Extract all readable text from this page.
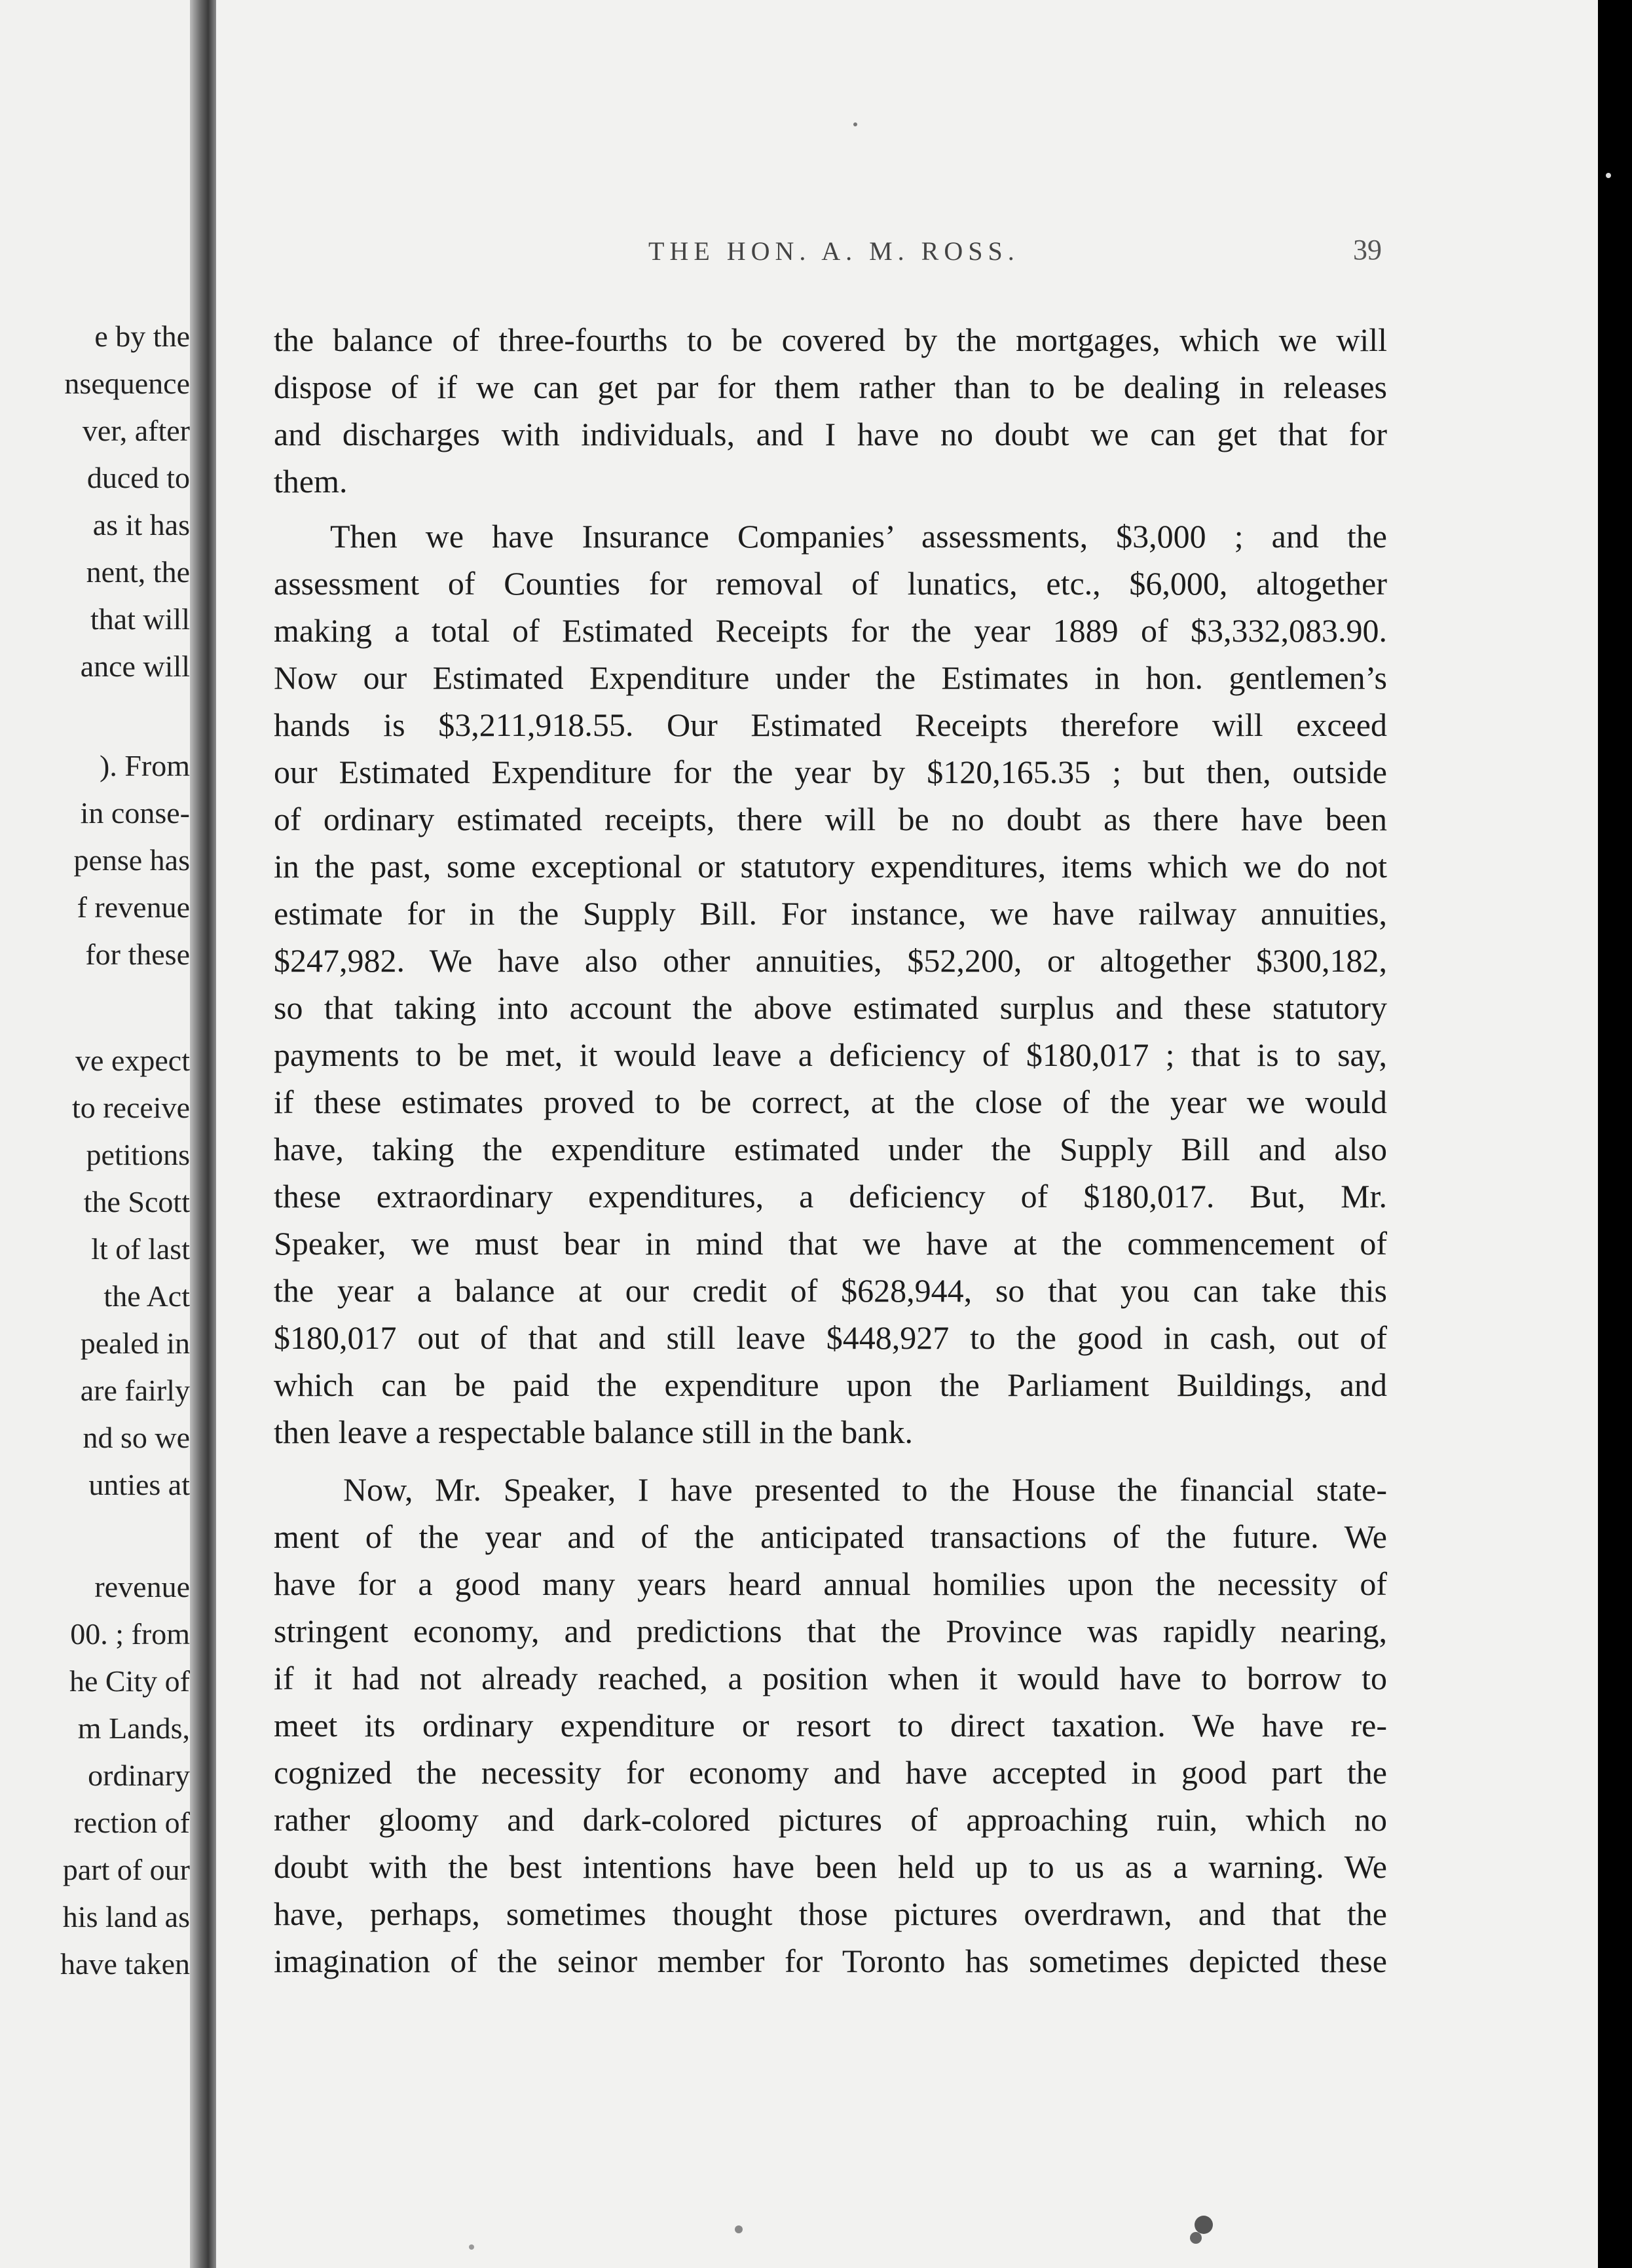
e by the
nsequence
ver, after
duced to
as it has
nent, the
that will
ance will
). From
in conse-
pense has
f revenue
for these
ve expect
to receive
petitions
the Scott
lt of last
the Act
pealed in
are fairly
nd so we
unties at
revenue
00. ; from
he City of
m Lands,
ordinary
rection of
part of our
his land as
have taken
THE HON. A. M. ROSS.	39
the balance of three-fourths to be covered by the mortgages, which we will
dispose of if we can get par for them rather than to be dealing in releases
and discharges with individuals, and I have no doubt we can get that for
them.
Then we have Insurance Companies’ assessments, $3,000 ; and the
assessment of Counties for removal of lunatics, etc., $6,000, altogether
making a total of Estimated Receipts for the year 1889 of $3,332,083.90.
Now our Estimated Expenditure under the Estimates in hon. gentlemen’s
hands is $3,211,918.55. Our Estimated Receipts therefore will exceed
our Estimated Expenditure for the year by $120,165.35 ; but then, outside
of ordinary estimated receipts, there will be no doubt as there have been
in the past, some exceptional or statutory expenditures, items which we do not
estimate for in the Supply Bill. For instance, we have railway annuities,
$247,982. We have also other annuities, $52,200, or altogether $300,182,
so that taking into account the above estimated surplus and these statutory
payments to be met, it would leave a deficiency of $180,017 ; that is to say,
if these estimates proved to be correct, at the close of the year we would
have, taking the expenditure estimated under the Supply Bill and also
these extraordinary expenditures, a deficiency of $180,017. But, Mr.
Speaker, we must bear in mind that we have at the commencement of
the year a balance at our credit of $628,944, so that you can take this
$180,017 out of that and still leave $448,927 to the good in cash, out of
which can be paid the expenditure upon the Parliament Buildings, and
then leave a respectable balance still in the bank.
Now, Mr. Speaker, I have presented to the House the financial state-
ment of the year and of the anticipated transactions of the future. We
have for a good many years heard annual homilies upon the necessity of
stringent economy, and predictions that the Province was rapidly nearing,
if it had not already reached, a position when it would have to borrow to
meet its ordinary expenditure or resort to direct taxation. We have re-
cognized the necessity for economy and have accepted in good part the
rather gloomy and dark-colored pictures of approaching ruin, which no
doubt with the best intentions have been held up to us as a warning. We
have, perhaps, sometimes thought those pictures overdrawn, and that the
imagination of the seinor member for Toronto has sometimes depicted these
